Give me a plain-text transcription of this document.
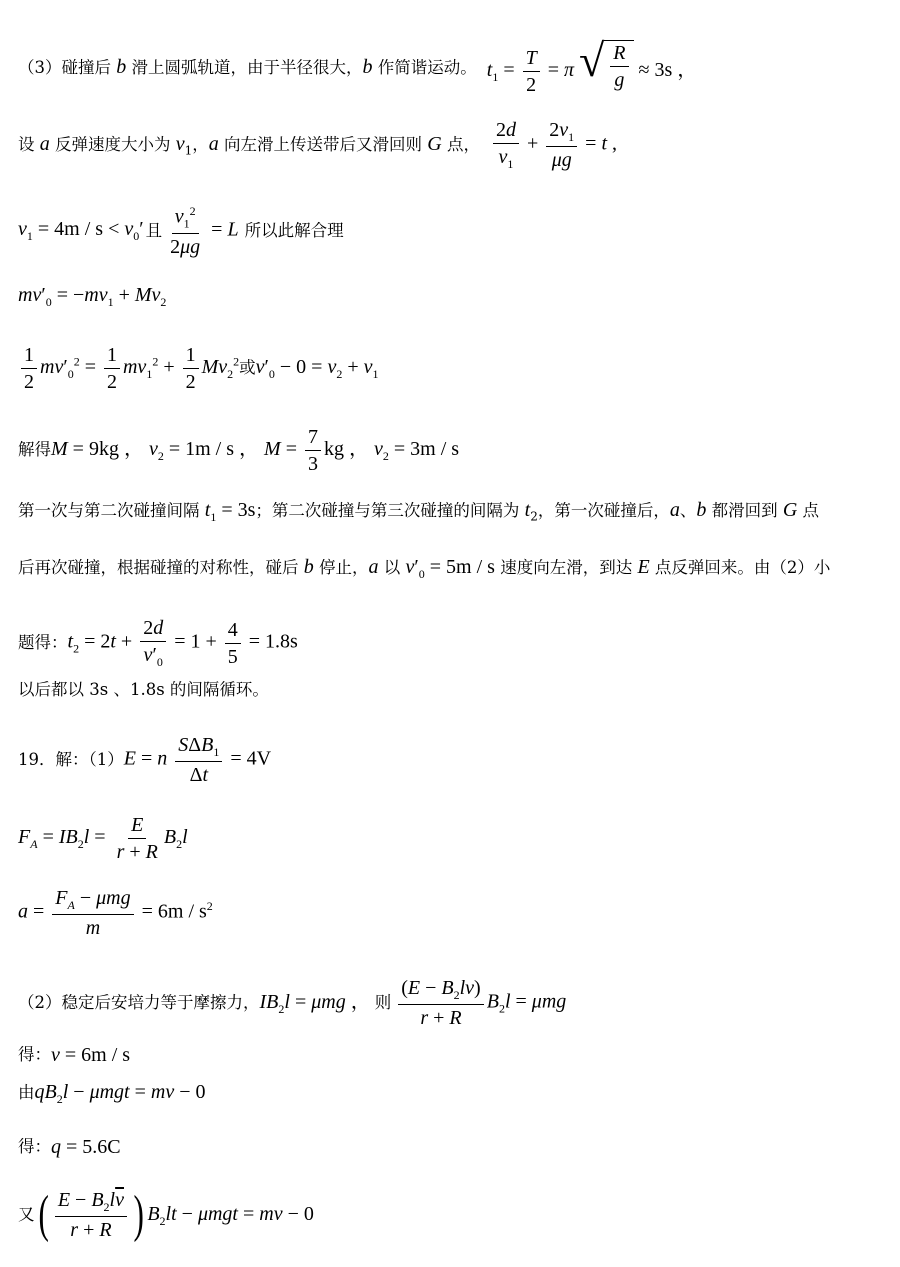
（3）碰撞后 b 滑上圆弧轨道，由于半径很大，b 作简谐运动。 $t_1 = \frac{T}{2} = \pi$ √ $\frac{R}{g} \approx 3s$ ，
设 a 反弹速度大小为 $v_1$，a 向左滑上传送带后又滑回则 G 点， $\frac{2d}{v_1} + \frac{2v_1}{\mu g} = t$ ,
$v_1 = 4m / s < v_0'$ 且 $\frac{v_1^2}{2\mu g} = L$ 所以此解合理
$mv'_0 = -mv_1 + Mv_2$
$\frac{1}{2} mv'_0^2 = \frac{1}{2} mv_1^2 + \frac{1}{2} Mv_2^2$ 或 $v'_0 - 0 = v_2 + v_1$
解得 M = 9kg ， $v_2 = 1m / s$ ， $M = \frac{7}{3}$ kg ， $v_2 = 3m / s$
第一次与第二次碰撞间隔 $t_1 = 3s$；第二次碰撞与第三次碰撞的间隔为 $t_2$，第一次碰撞后，a、b 都滑回到 G 点
后再次碰撞，根据碰撞的对称性，碰后 b 停止，a 以 $v'_0 = 5m / s$ 速度向左滑，到达 E 点反弹回来。由（2）小
题得： $t_2 = 2t + \frac{2d}{v'_0} = 1 + \frac{4}{5} = 1.8s$
以后都以 3s 、1.8s 的间隔循环。
19．解：（1） E = n $\frac{S\Delta B_1}{\Delta t} = 4V$
$F_A = IB_2l = \frac{E}{r + R} B_2l$
$a = \frac{F_A - \mu mg}{m} = 6m / s^2$
（2）稳定后安培力等于摩擦力， $IB_2l = \mu mg$ ， 则 $\frac{(E - B_2lv)}{r + R} B_2l = \mu mg$
得： v = 6m / s
由 $qB_2l - \mu mgt$ = mv − 0
得： q = 5.6C
又 ( $\frac{E - B_2l\overline{v}}{r + R}$ ) $B_2lt - \mu mgt$ = mv − 0
